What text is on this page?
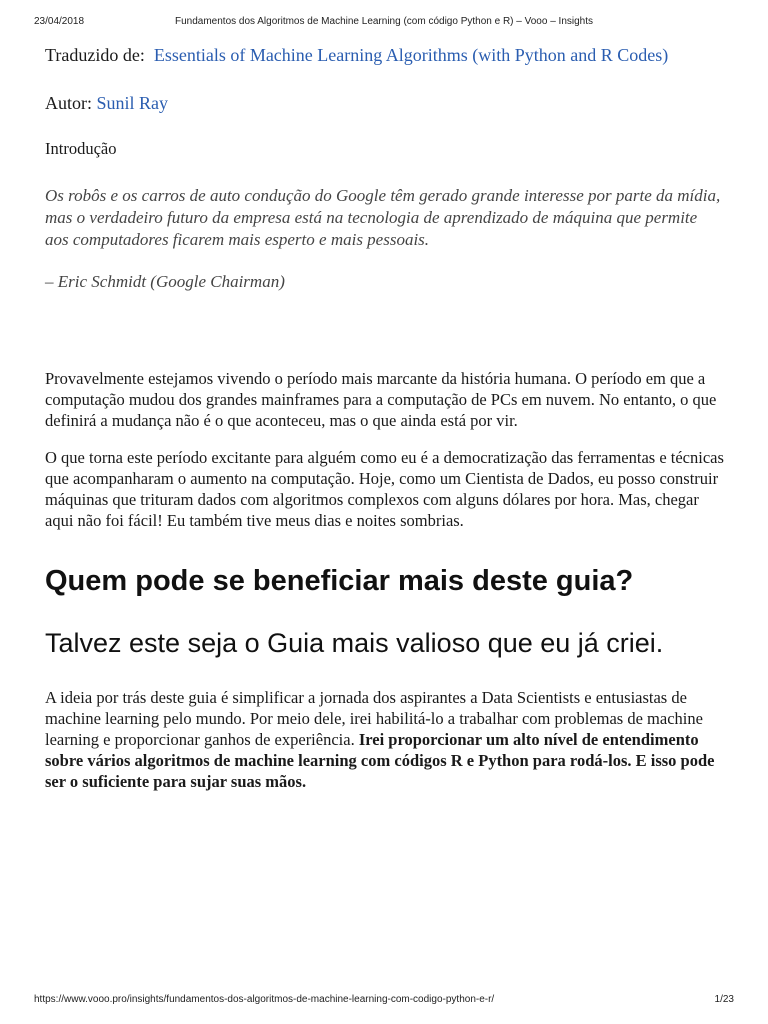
23/04/2018	Fundamentos dos Algoritmos de Machine Learning (com código Python e R) – Vooo – Insights

Traduzido de: Essentials of Machine Learning Algorithms (with Python and R Codes)

Autor: Sunil Ray

Introdução

Os robôs e os carros de auto condução do Google têm gerado grande interesse por parte da mídia, mas o verdadeiro futuro da empresa está na tecnologia de aprendizado de máquina que permite aos computadores ficarem mais esperto e mais pessoais.

– Eric Schmidt (Google Chairman)

Provavelmente estejamos vivendo o período mais marcante da história humana. O período em que a computação mudou dos grandes mainframes para a computação de PCs em nuvem. No entanto, o que definirá a mudança não é o que aconteceu, mas o que ainda está por vir.

O que torna este período excitante para alguém como eu é a democratização das ferramentas e técnicas que acompanharam o aumento na computação. Hoje, como um Cientista de Dados, eu posso construir máquinas que trituram dados com algoritmos complexos com alguns dólares por hora. Mas, chegar aqui não foi fácil! Eu também tive meus dias e noites sombrias.

Quem pode se beneficiar mais deste guia?
Talvez este seja o Guia mais valioso que eu já criei.

A ideia por trás deste guia é simplificar a jornada dos aspirantes a Data Scientists e entusiastas de machine learning pelo mundo. Por meio dele, irei habilitá-lo a trabalhar com problemas de machine learning e proporcionar ganhos de experiência. Irei proporcionar um alto nível de entendimento sobre vários algoritmos de machine learning com códigos R e Python para rodá-los. E isso pode ser o suficiente para sujar suas mãos.

https://www.vooo.pro/insights/fundamentos-dos-algoritmos-de-machine-learning-com-codigo-python-e-r/	1/23
